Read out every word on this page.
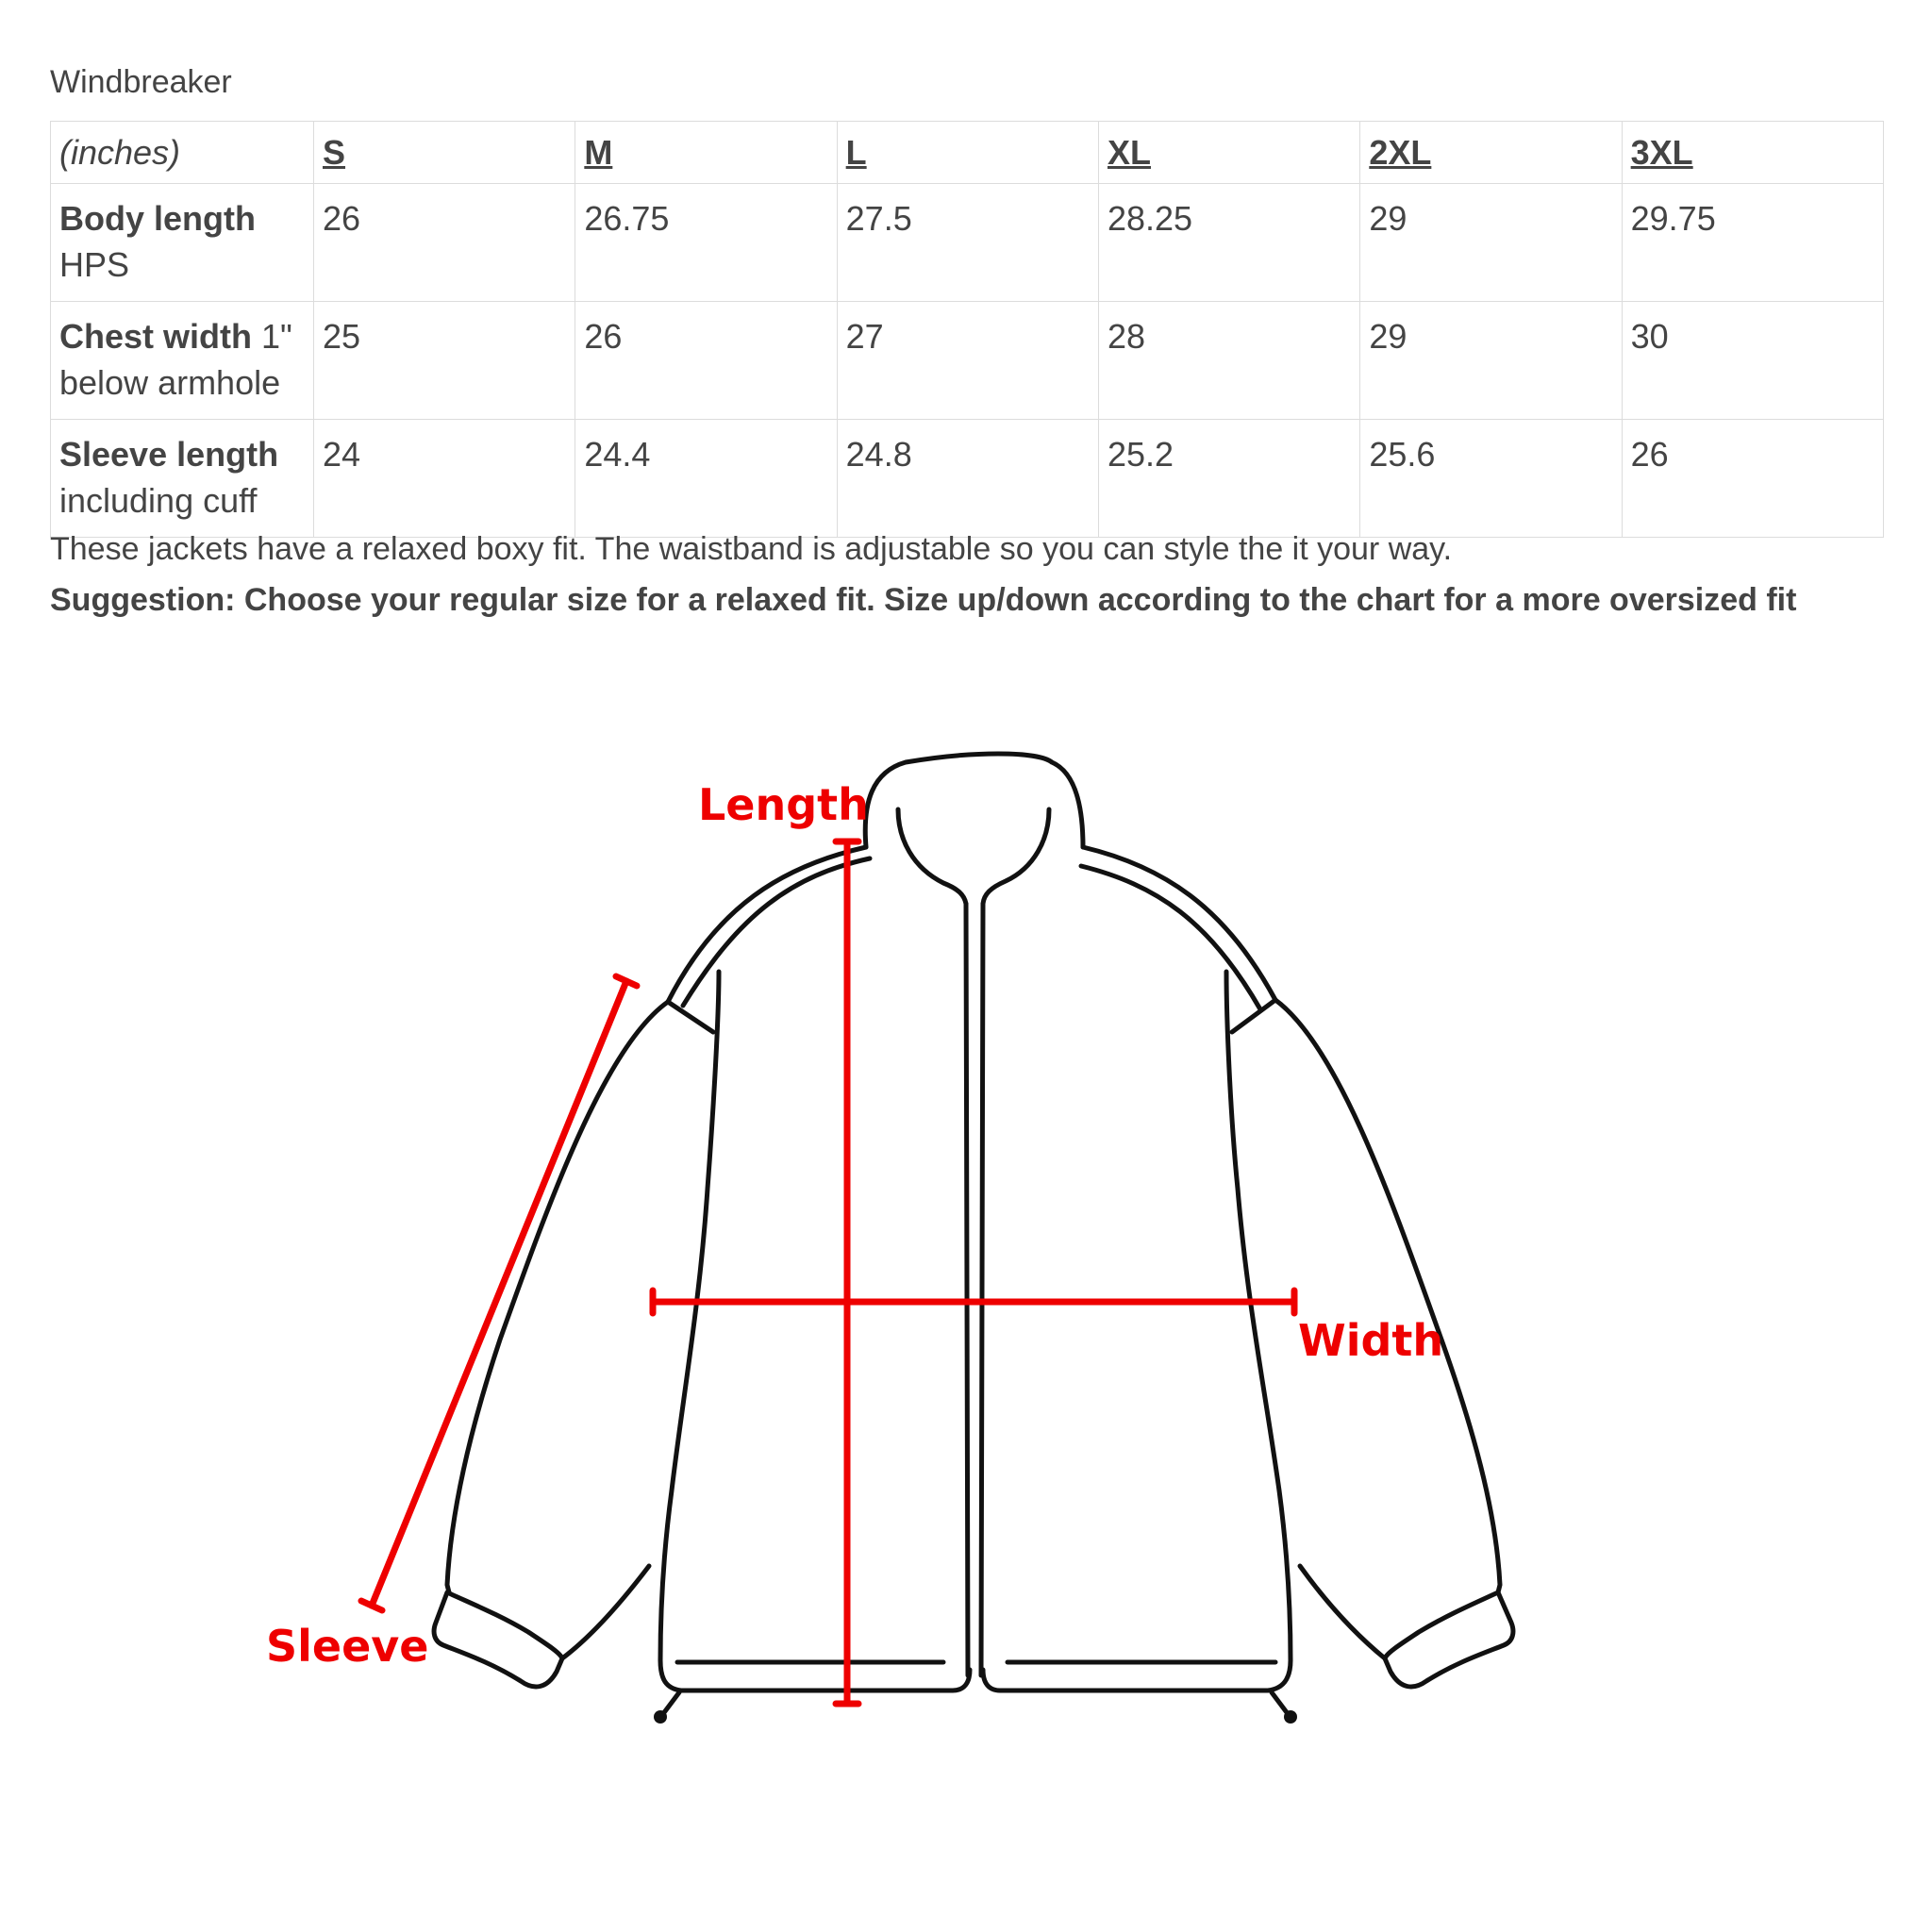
Windbreaker
(inches)	S	M	L	XL	2XL	3XL
Body length
HPS	26	26.75	27.5	28.25	29	29.75
Chest width 1" below armhole	25	26	27	28	29	30
Sleeve length
including cuff	24	24.4	24.8	25.2	25.6	26
These jackets have a relaxed boxy fit. The waistband is adjustable so you can style the it your way.
Suggestion: Choose your regular size for a relaxed fit. Size up/down according to the chart for a more oversized fit
Length
Width
Sleeve
